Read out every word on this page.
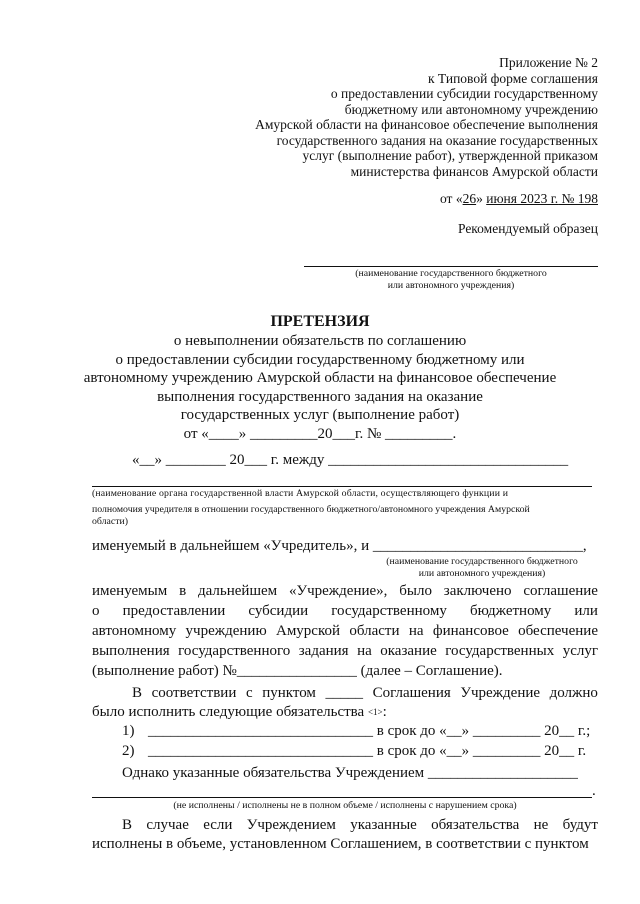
Приложение № 2
к Типовой форме соглашения
о предоставлении субсидии государственному
бюджетному или автономному учреждению
Амурской области на финансовое обеспечение выполнения
государственного задания на оказание государственных
услуг (выполнение работ), утвержденной приказом
министерства финансов Амурской области
от «26» июня 2023 г. № 198
Рекомендуемый образец
(наименование государственного бюджетного
или автономного учреждения)
ПРЕТЕНЗИЯ
о невыполнении обязательств по соглашению
о предоставлении субсидии государственному бюджетному или
автономному учреждению Амурской области на финансовое обеспечение
выполнения государственного задания на оказание
государственных услуг (выполнение работ)
от «____» _________20___г. № _________.
«__» ________ 20___ г. между ________________________________
(наименование органа государственной власти Амурской области, осуществляющего функции и
полномочия учредителя в отношении государственного бюджетного/автономного учреждения Амурской
области)
именуемый в дальнейшем «Учредитель», и ____________________________,
(наименование государственного бюджетного
или автономного учреждения)
именуемым в дальнейшем «Учреждение», было заключено соглашение
о предоставлении субсидии государственному бюджетному или
автономному учреждению Амурской области на финансовое обеспечение
выполнения государственного задания на оказание государственных услуг
(выполнение работ) №________________ (далее – Соглашение).
В соответствии с пунктом _____ Соглашения Учреждение должно
было исполнить следующие обязательства <1>:
1) ______________________________ в срок до «__» _________ 20__ г.;
2) ______________________________ в срок до «__» _________ 20__ г.
Однако указанные обязательства Учреждением ____________________
.
(не исполнены / исполнены не в полном объеме / исполнены с нарушением срока)
В случае если Учреждением указанные обязательства не будут
исполнены в объеме, установленном Соглашением, в соответствии с пунктом
